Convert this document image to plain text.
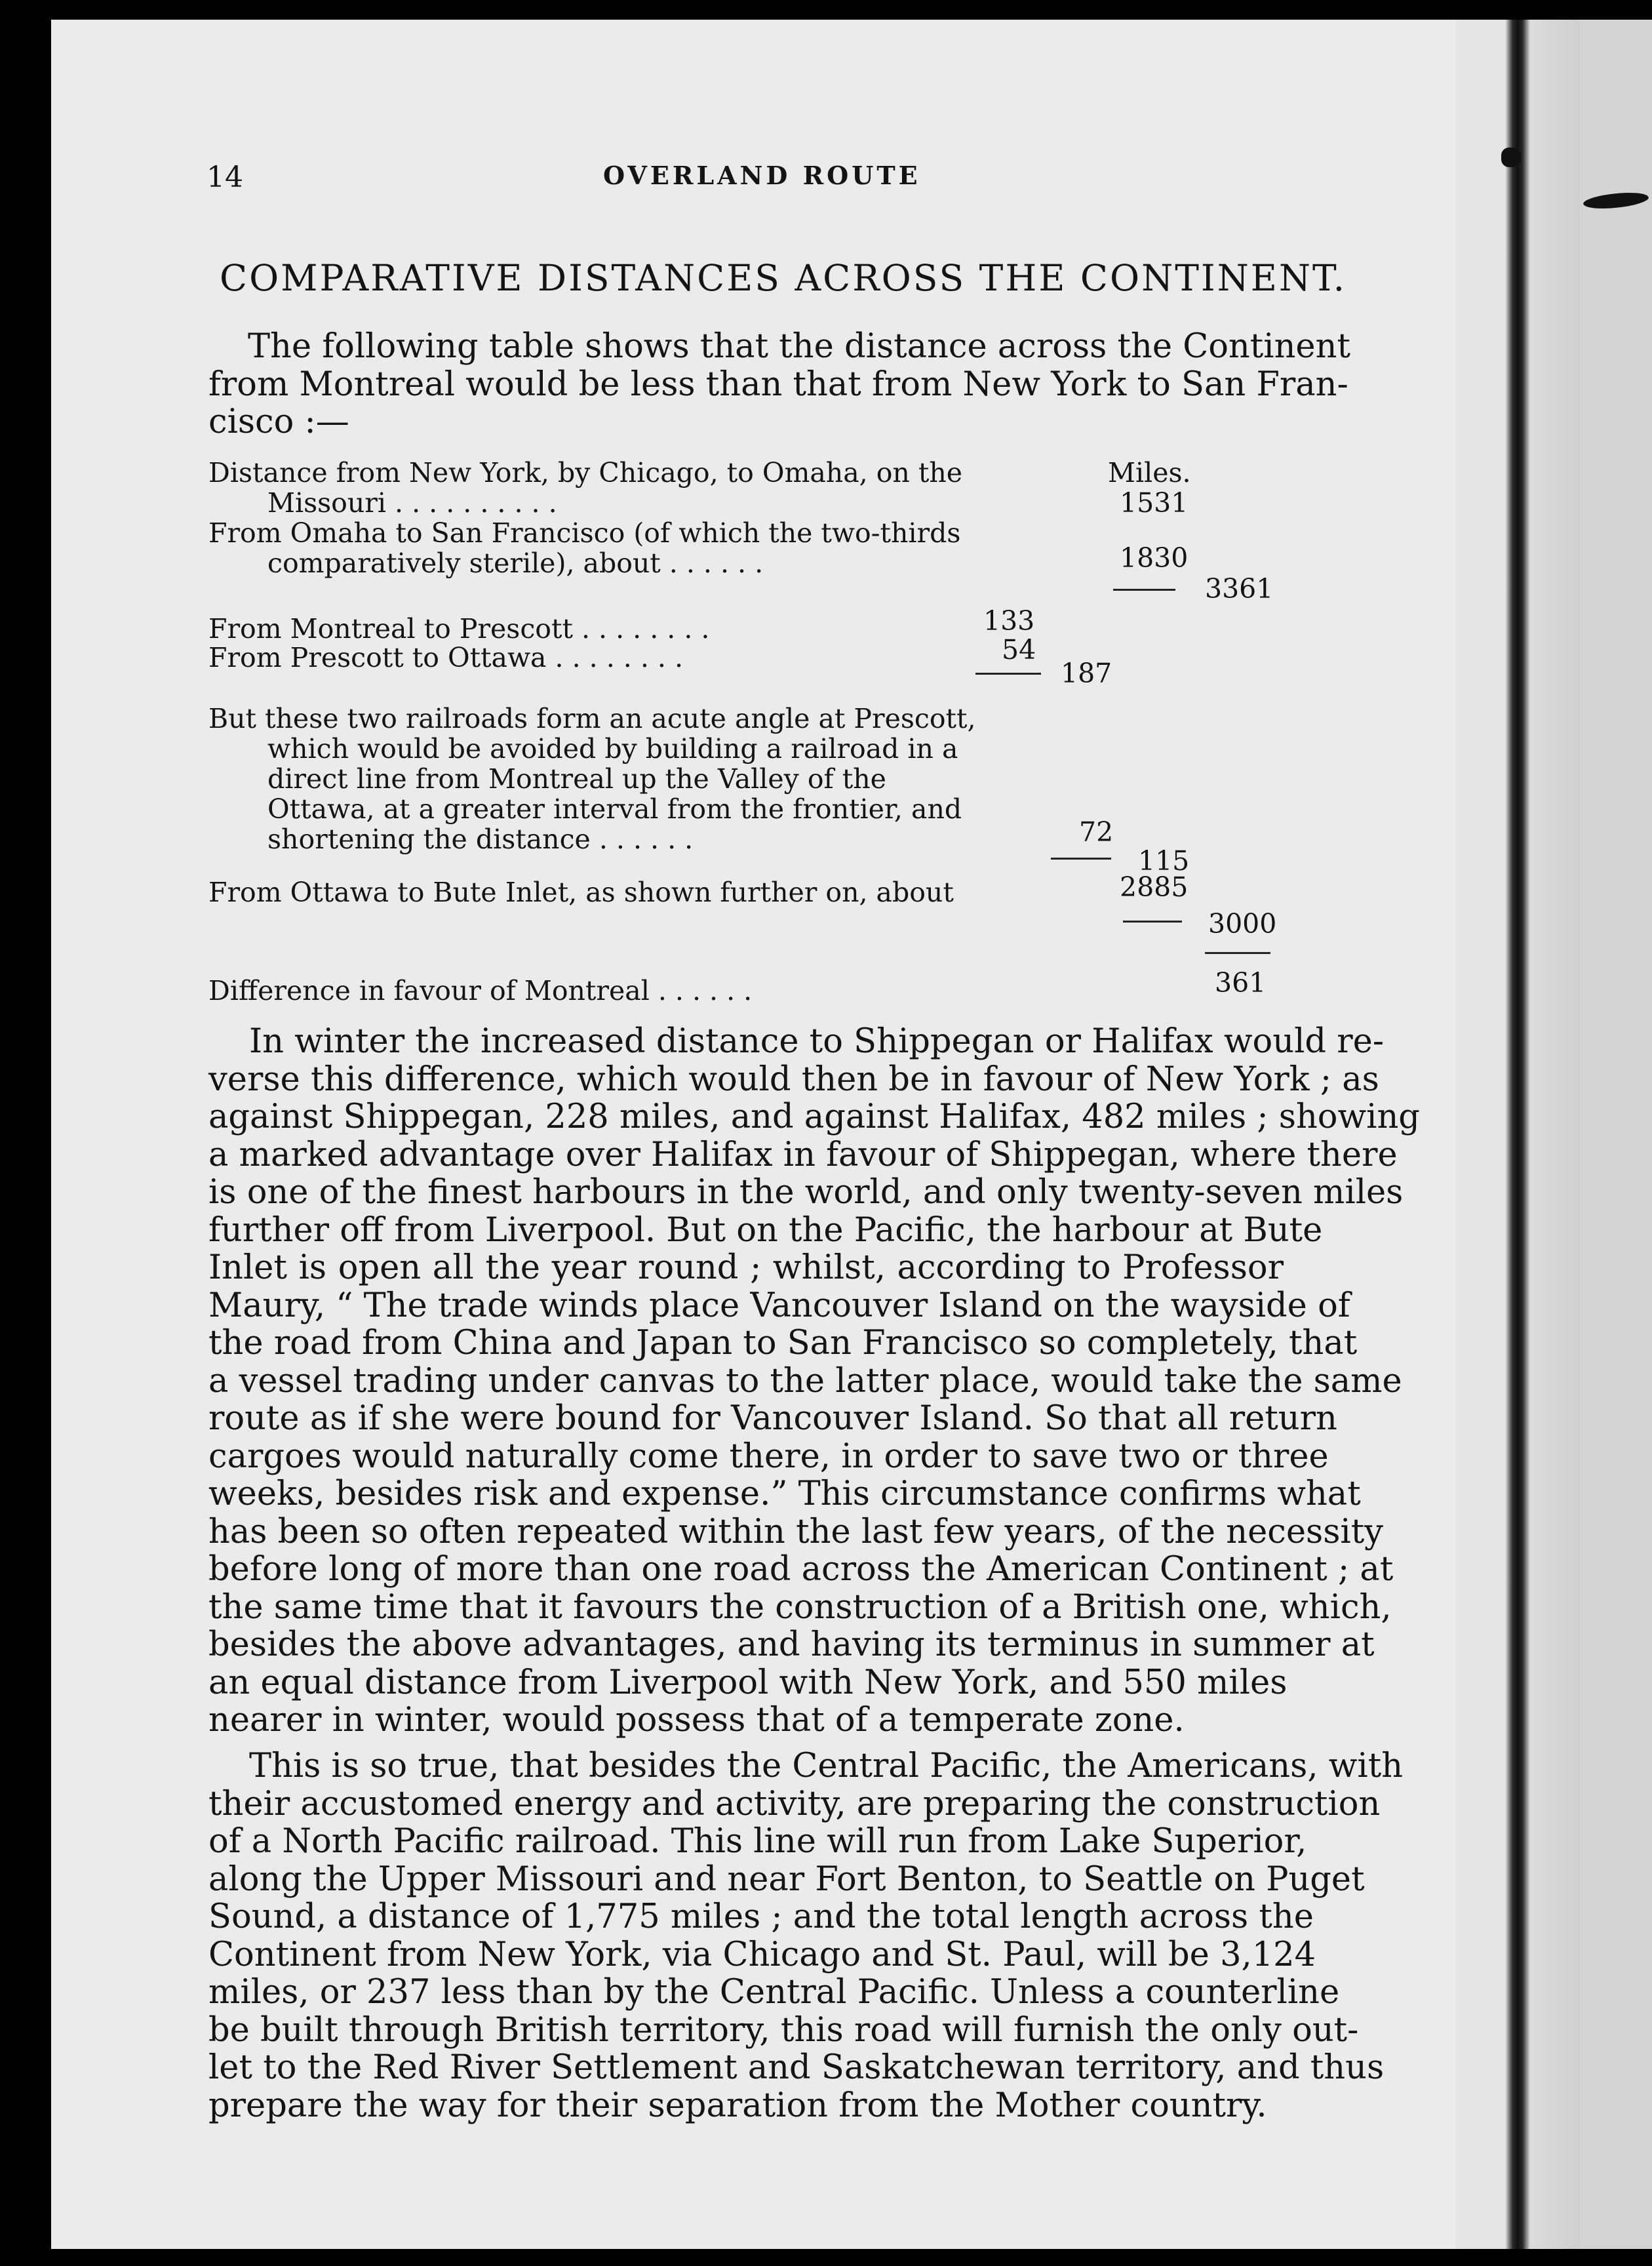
14	OVERLAND ROUTE
COMPARATIVE DISTANCES ACROSS THE CONTINENT.
The following table shows that the distance across the Continent
from Montreal would be less than that from New York to San Fran-
cisco :—
Miles.
Distance from New York, by Chicago, to Omaha, on the
Missouri . . . . . . . . . .	1531
From Omaha to San Francisco (of which the two-thirds
comparatively sterile), about . . . . . .	1830
3361
From Montreal to Prescott . . . . . . . .	133
From Prescott to Ottawa . . . . . . . .	54
187
But these two railroads form an acute angle at Prescott,
which would be avoided by building a railroad in a
direct line from Montreal up the Valley of the
Ottawa, at a greater interval from the frontier, and
shortening the distance . . . . . .	72
115
From Ottawa to Bute Inlet, as shown further on, about	2885
3000
Difference in favour of Montreal . . . . . .	361
In winter the increased distance to Shippegan or Halifax would re-
verse this difference, which would then be in favour of New York ; as
against Shippegan, 228 miles, and against Halifax, 482 miles ; showing
a marked advantage over Halifax in favour of Shippegan, where there
is one of the finest harbours in the world, and only twenty-seven miles
further off from Liverpool. But on the Pacific, the harbour at Bute
Inlet is open all the year round ; whilst, according to Professor
Maury, “ The trade winds place Vancouver Island on the wayside of
the road from China and Japan to San Francisco so completely, that
a vessel trading under canvas to the latter place, would take the same
route as if she were bound for Vancouver Island. So that all return
cargoes would naturally come there, in order to save two or three
weeks, besides risk and expense.” This circumstance confirms what
has been so often repeated within the last few years, of the necessity
before long of more than one road across the American Continent ; at
the same time that it favours the construction of a British one, which,
besides the above advantages, and having its terminus in summer at
an equal distance from Liverpool with New York, and 550 miles
nearer in winter, would possess that of a temperate zone.
This is so true, that besides the Central Pacific, the Americans, with
their accustomed energy and activity, are preparing the construction
of a North Pacific railroad. This line will run from Lake Superior,
along the Upper Missouri and near Fort Benton, to Seattle on Puget
Sound, a distance of 1,775 miles ; and the total length across the
Continent from New York, via Chicago and St. Paul, will be 3,124
miles, or 237 less than by the Central Pacific. Unless a counterline
be built through British territory, this road will furnish the only out-
let to the Red River Settlement and Saskatchewan territory, and thus
prepare the way for their separation from the Mother country.
